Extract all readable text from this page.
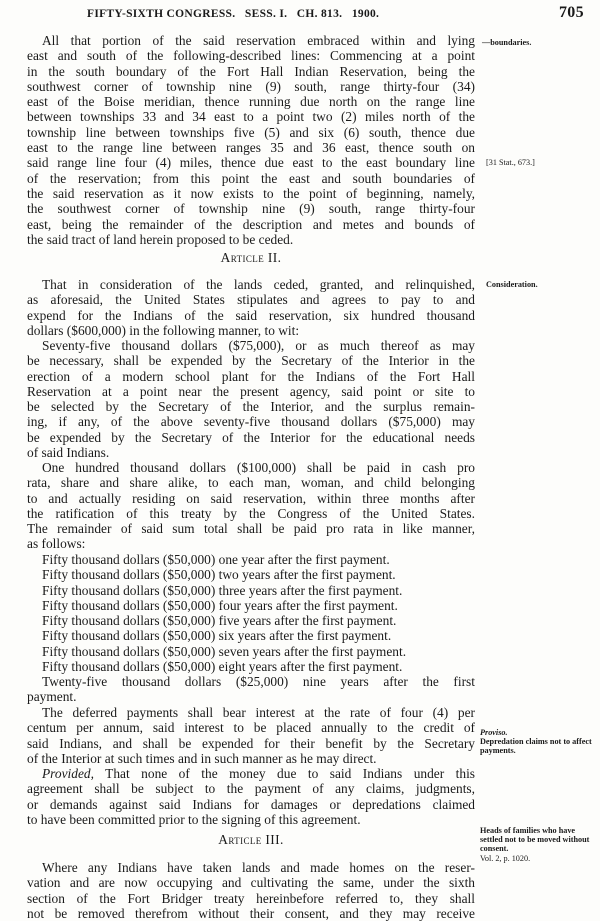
FIFTY-SIXTH CONGRESS.   SESS. I.   CH. 813.   1900.	705
All that portion of the said reservation embraced within and lying
east and south of the following-described lines: Commencing at a point
in the south boundary of the Fort Hall Indian Reservation, being the
southwest corner of township nine (9) south, range thirty-four (34)
east of the Boise meridian, thence running due north on the range line
between townships 33 and 34 east to a point two (2) miles north of the
township line between townships five (5) and six (6) south, thence due
east to the range line between ranges 35 and 36 east, thence south on
said range line four (4) miles, thence due east to the east boundary line
of the reservation; from this point the east and south boundaries of
the said reservation as it now exists to the point of beginning, namely,
the southwest corner of township nine (9) south, range thirty-four
east, being the remainder of the description and metes and bounds of
the said tract of land herein proposed to be ceded.
Article II.
That in consideration of the lands ceded, granted, and relinquished,
as aforesaid, the United States stipulates and agrees to pay to and
expend for the Indians of the said reservation, six hundred thousand
dollars ($600,000) in the following manner, to wit:
Seventy-five thousand dollars ($75,000), or as much thereof as may
be necessary, shall be expended by the Secretary of the Interior in the
erection of a modern school plant for the Indians of the Fort Hall
Reservation at a point near the present agency, said point or site to
be selected by the Secretary of the Interior, and the surplus remain-
ing, if any, of the above seventy-five thousand dollars ($75,000) may
be expended by the Secretary of the Interior for the educational needs
of said Indians.
One hundred thousand dollars ($100,000) shall be paid in cash pro
rata, share and share alike, to each man, woman, and child belonging
to and actually residing on said reservation, within three months after
the ratification of this treaty by the Congress of the United States.
The remainder of said sum total shall be paid pro rata in like manner,
as follows:
Fifty thousand dollars ($50,000) one year after the first payment.
Fifty thousand dollars ($50,000) two years after the first payment.
Fifty thousand dollars ($50,000) three years after the first payment.
Fifty thousand dollars ($50,000) four years after the first payment.
Fifty thousand dollars ($50,000) five years after the first payment.
Fifty thousand dollars ($50,000) six years after the first payment.
Fifty thousand dollars ($50,000) seven years after the first payment.
Fifty thousand dollars ($50,000) eight years after the first payment.
Twenty-five thousand dollars ($25,000) nine years after the first
payment.
The deferred payments shall bear interest at the rate of four (4) per
centum per annum, said interest to be placed annually to the credit of
said Indians, and shall be expended for their benefit by the Secretary
of the Interior at such times and in such manner as he may direct.
Provided, That none of the money due to said Indians under this
agreement shall be subject to the payment of any claims, judgments,
or demands against said Indians for damages or depredations claimed
to have been committed prior to the signing of this agreement.
Article III.
Where any Indians have taken lands and made homes on the reser-
vation and are now occupying and cultivating the same, under the sixth
section of the Fort Bridger treaty hereinbefore referred to, they shall
not be removed therefrom without their consent, and they may receive
—boundaries.
[31 Stat., 673.]
Consideration.
Proviso.
Depredation claims not to affect payments.
Heads of families who have settled not to be moved without consent.
Vol. 2, p. 1020.
